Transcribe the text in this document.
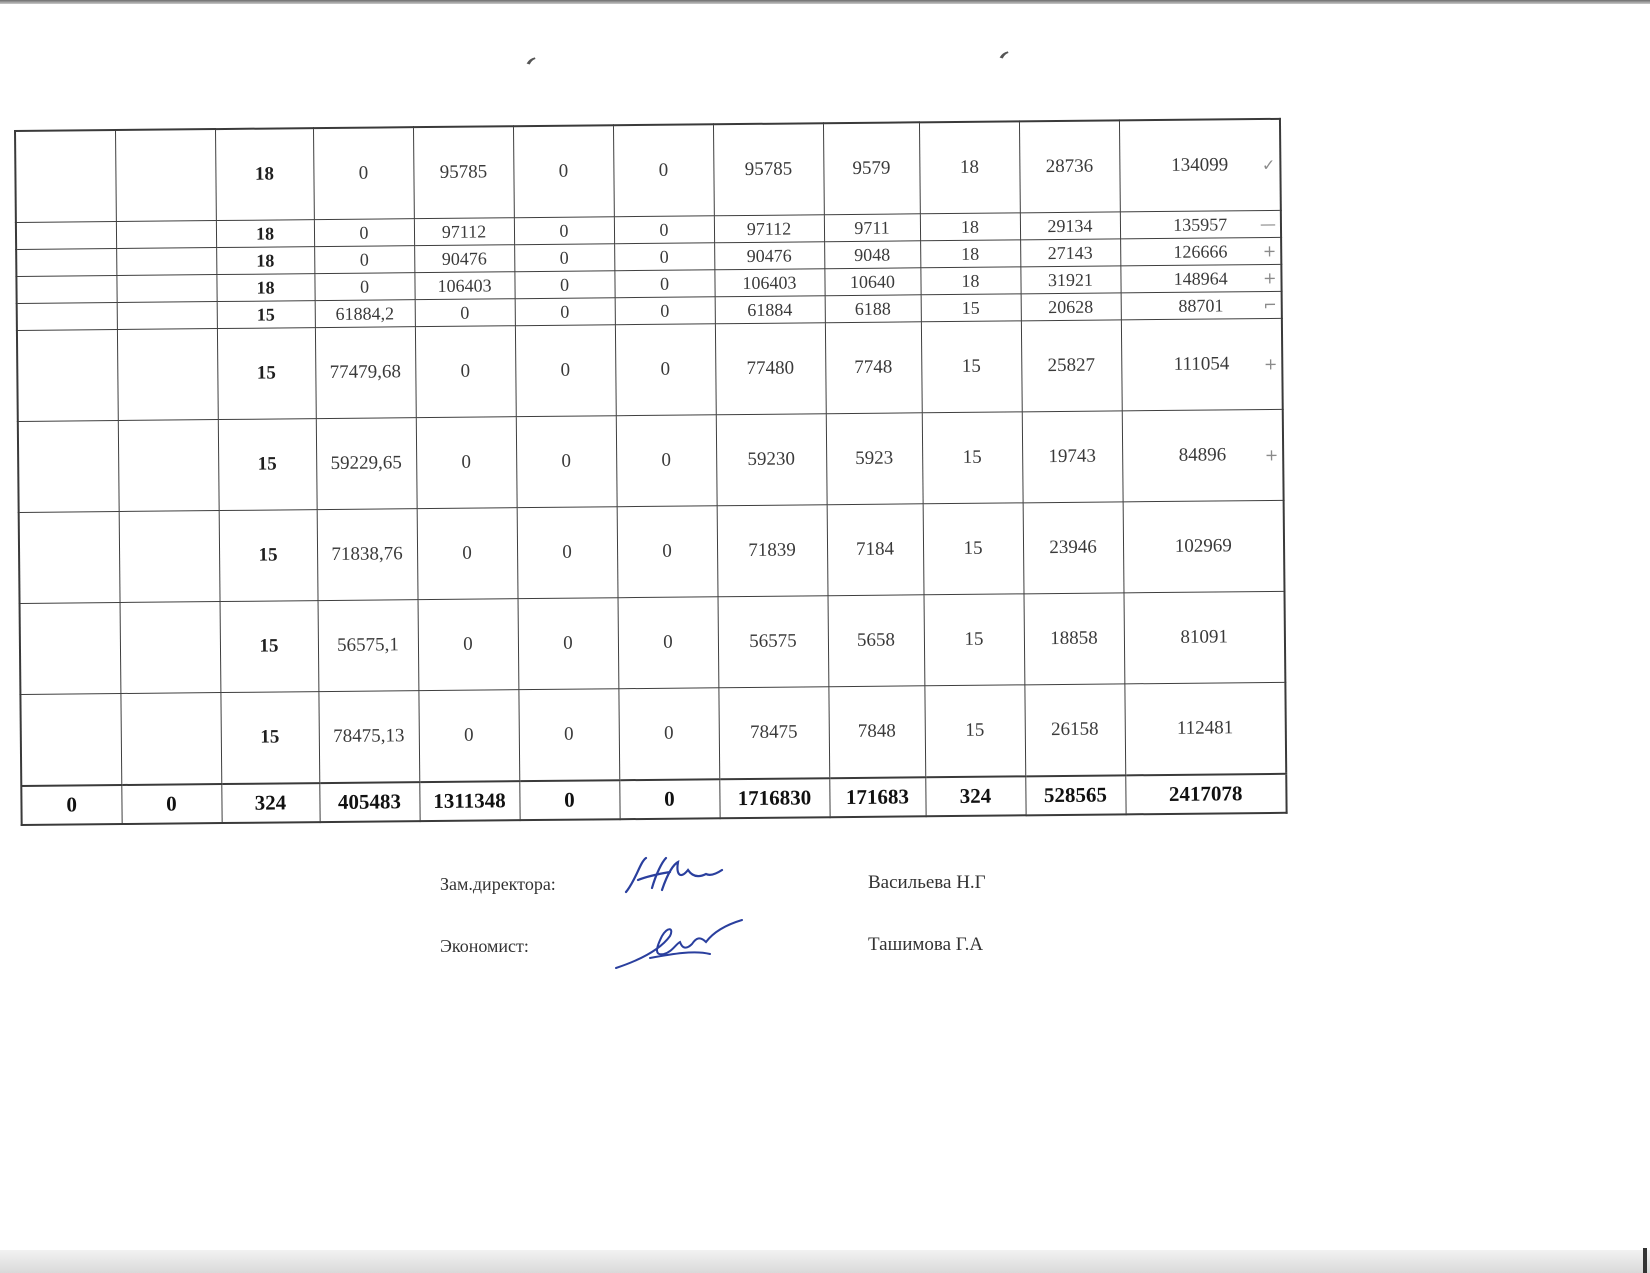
ʻ	ʻ
		18	0	95785	0	0	95785	9579	18	28736	134099 ✓

		18	0	97112	0	0	97112	9711	18	29134	135957 —

		18	0	90476	0	0	90476	9048	18	27143	126666 +

		18	0	106403	0	0	106403	10640	18	31921	148964 +

		15	61884,2	0	0	0	61884	6188	15	20628	88701 ⌐

		15	77479,68	0	0	0	77480	7748	15	25827	111054 +

		15	59229,65	0	0	0	59230	5923	15	19743	84896 +

		15	71838,76	0	0	0	71839	7184	15	23946	102969
		15	56575,1	0	0	0	56575	5658	15	18858	81091
		15	78475,13	0	0	0	78475	7848	15	26158	112481
0	0	324	405483	1311348	0	0	1716830	171683	324	528565	2417078
Зам.директора:	Васильева Н.Г
Экономист:	Ташимова Г.А
